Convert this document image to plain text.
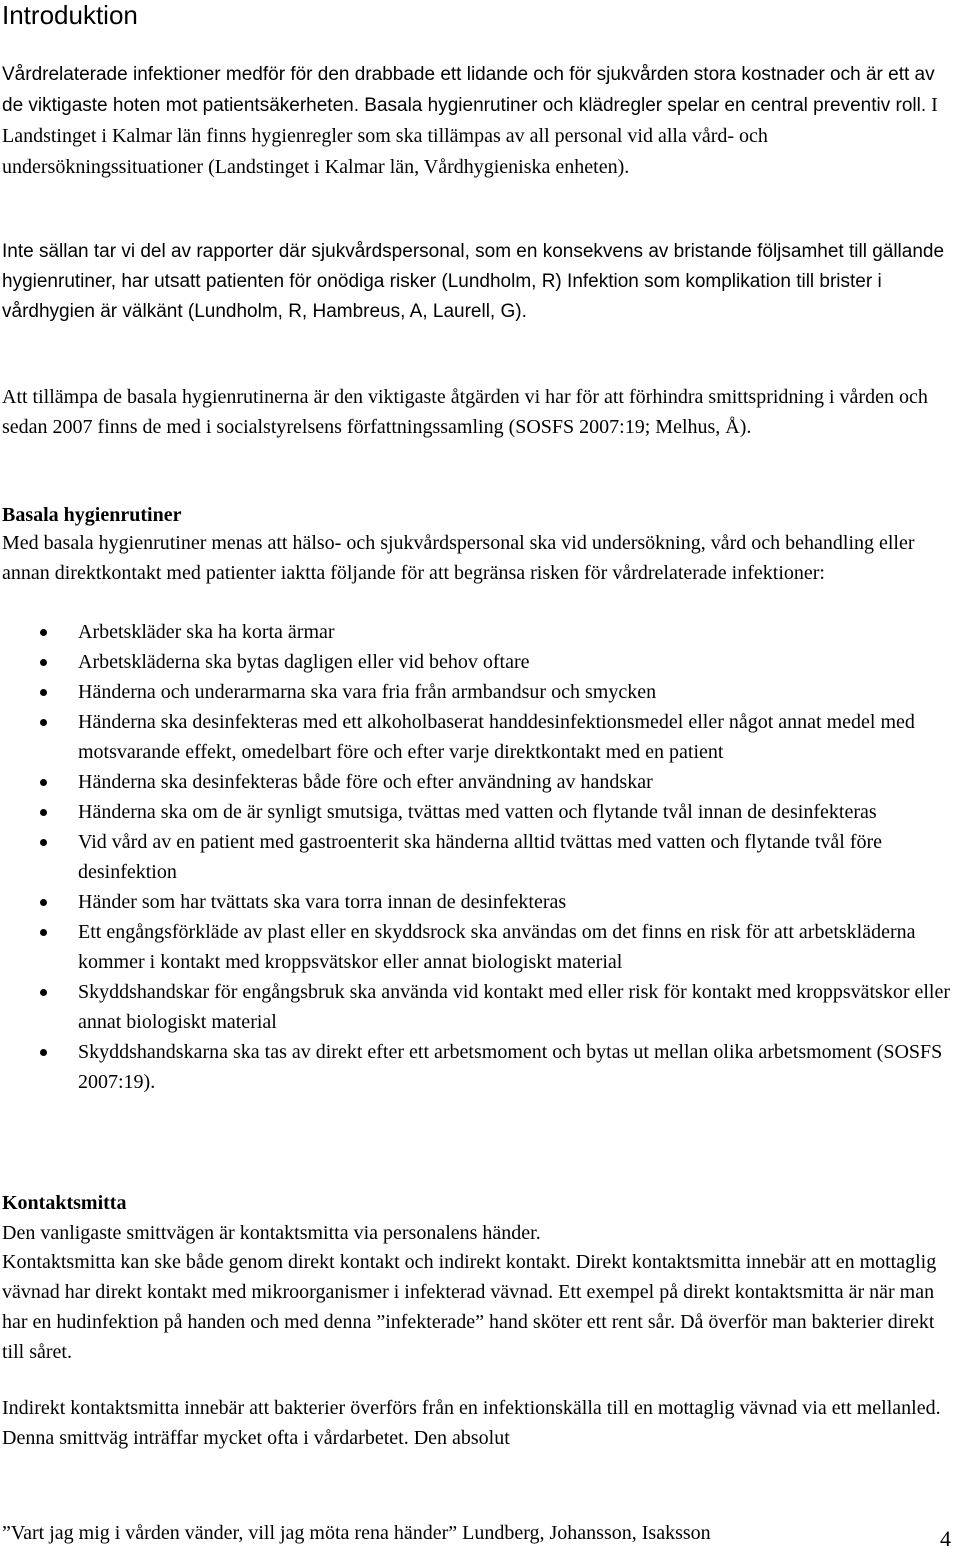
Introduktion

Vårdrelaterade infektioner medför för den drabbade ett lidande och för sjukvården stora kostnader och är ett av de viktigaste hoten mot patientsäkerheten. Basala hygienrutiner och klädregler spelar en central preventiv roll. I Landstinget i Kalmar län finns hygienregler som ska tillämpas av all personal vid alla vård- och undersökningssituationer (Landstinget i Kalmar län, Vårdhygieniska enheten).

Inte sällan tar vi del av rapporter där sjukvårdspersonal, som en konsekvens av bristande följsamhet till gällande hygienrutiner, har utsatt patienten för onödiga risker (Lundholm, R) Infektion som komplikation till brister i vårdhygien är välkänt (Lundholm, R, Hambreus, A, Laurell, G).

Att tillämpa de basala hygienrutinerna är den viktigaste åtgärden vi har för att förhindra smittspridning i vården och sedan 2007 finns de med i socialstyrelsens författningssamling (SOSFS 2007:19; Melhus, Å).

Basala hygienrutiner

Med basala hygienrutiner menas att hälso- och sjukvårdspersonal ska vid undersökning, vård och behandling eller annan direktkontakt med patienter iaktta följande för att begränsa risken för vårdrelaterade infektioner:

Arbetskläder ska ha korta ärmar
Arbetskläderna ska bytas dagligen eller vid behov oftare
Händerna och underarmarna ska vara fria från armbandsur och smycken
Händerna ska desinfekteras med ett alkoholbaserat handdesinfektionsmedel eller något annat medel med motsvarande effekt, omedelbart före och efter varje direktkontakt med en patient
Händerna ska desinfekteras både före och efter användning av handskar
Händerna ska om de är synligt smutsiga, tvättas med vatten och flytande tvål innan de desinfekteras
Vid vård av en patient med gastroenterit ska händerna alltid tvättas med vatten och flytande tvål före desinfektion
Händer som har tvättats ska vara torra innan de desinfekteras
Ett engångsförkläde av plast eller en skyddsrock ska användas om det finns en risk för att arbetskläderna kommer i kontakt med kroppsvätskor eller annat biologiskt material
Skyddshandskar för engångsbruk ska använda vid kontakt med eller risk för kontakt med kroppsvätskor eller annat biologiskt material
Skyddshandskarna ska tas av direkt efter ett arbetsmoment och bytas ut mellan olika arbetsmoment (SOSFS 2007:19).
Kontaktsmitta

Den vanligaste smittvägen är kontaktsmitta via personalens händer.

Kontaktsmitta kan ske både genom direkt kontakt och indirekt kontakt. Direkt kontaktsmitta innebär att en mottaglig vävnad har direkt kontakt med mikroorganismer i infekterad vävnad. Ett exempel på direkt kontaktsmitta är när man har en hudinfektion på handen och med denna ”infekterade” hand sköter ett rent sår. Då överför man bakterier direkt till såret.

Indirekt kontaktsmitta innebär att bakterier överförs från en infektionskälla till en mottaglig vävnad via ett mellanled. Denna smittväg inträffar mycket ofta i vårdarbetet. Den absolut

”Vart jag mig i vården vänder, vill jag möta rena händer” Lundberg, Johansson, Isaksson	4
